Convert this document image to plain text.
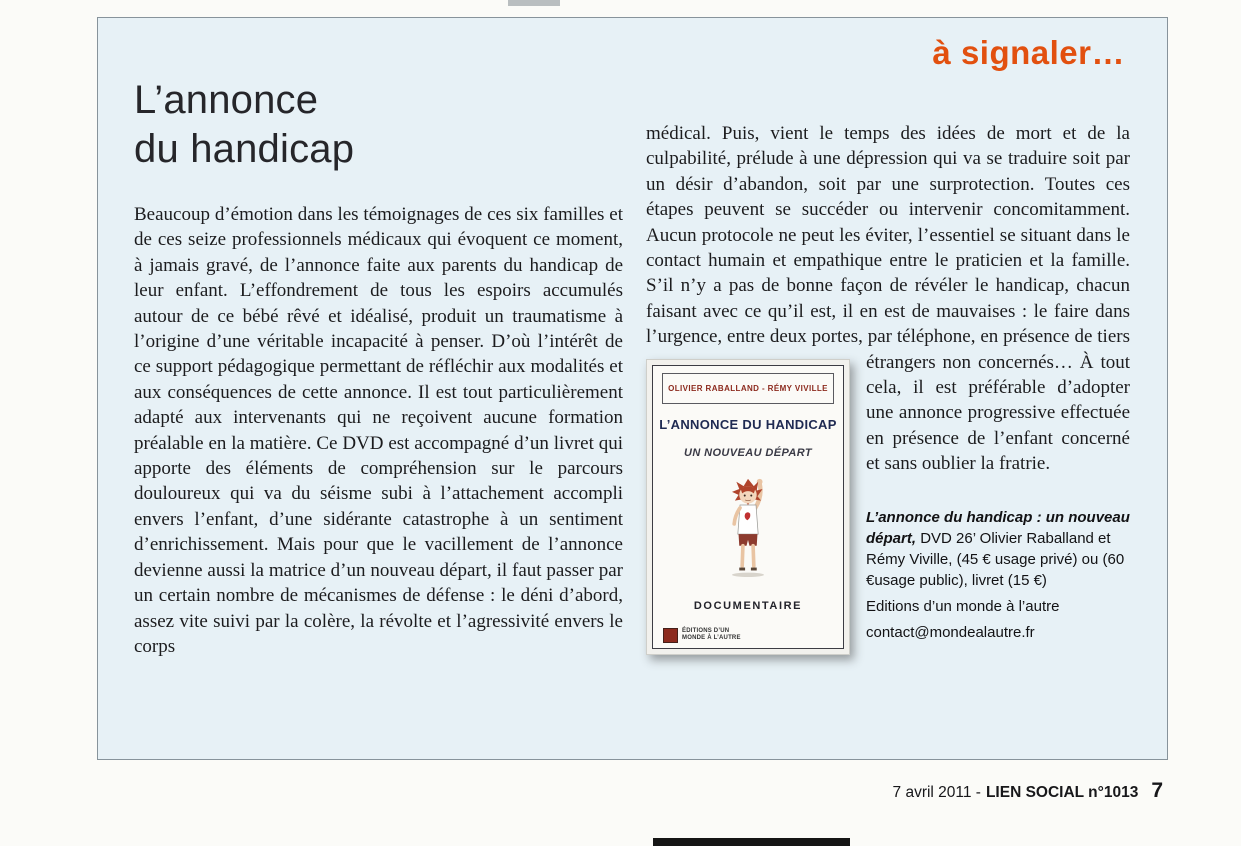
à signaler…
L’annonce
du handicap
Beaucoup d’émotion dans les témoignages de ces six familles et de ces seize professionnels médicaux qui évoquent ce moment, à jamais gravé, de l’annonce faite aux parents du handicap de leur enfant. L’effondrement de tous les espoirs accumulés autour de ce bébé rêvé et idéalisé, produit un traumatisme à l’origine d’une véritable incapacité à penser. D’où l’intérêt de ce support pédagogique permettant de réfléchir aux modalités et aux conséquences de cette annonce. Il est tout particulièrement adapté aux intervenants qui ne reçoivent aucune formation préalable en la matière. Ce DVD est accompagné d’un livret qui apporte des éléments de compréhension sur le parcours douloureux qui va du séisme subi à l’attachement accompli envers l’enfant, d’une sidérante catastrophe à un sentiment d’enrichissement. Mais pour que le vacillement de l’annonce devienne aussi la matrice d’un nouveau départ, il faut passer par un certain nombre de mécanismes de défense : le déni d’abord, assez vite suivi par la colère, la révolte et l’agressivité envers le corps
médical. Puis, vient le temps des idées de mort et de la culpabilité, prélude à une dépression qui va se traduire soit par un désir d’abandon, soit par une surprotection. Toutes ces étapes peuvent se succéder ou intervenir concomitamment. Aucun protocole ne peut les éviter, l’essentiel se situant dans le contact humain et empathique entre le praticien et la famille. S’il n’y a pas de bonne façon de révéler le handicap, chacun faisant avec ce qu’il est, il en est de mauvaises : le faire dans l’urgence, entre deux portes, par téléphone, en présence de tiers étrangers non concernés… À tout
OLIVIER RABALLAND - RÉMY VIVILLE
L’ANNONCE DU HANDICAP
UN NOUVEAU DÉPART
DOCUMENTAIRE
ÉDITIONS D’UN MONDE À L’AUTRE
cela, il est préférable d’adopter une annonce progressive effectuée en présence de l’enfant concerné et sans oublier la fratrie.
L’annonce du handicap : un nouveau départ, DVD 26’ Olivier Raballand et Rémy Viville, (45 € usage privé) ou (60 €usage public), livret (15 €)
Editions d’un monde à l’autre
contact@mondealautre.fr
7 avril 2011 - LIEN SOCIAL n°1013 7
